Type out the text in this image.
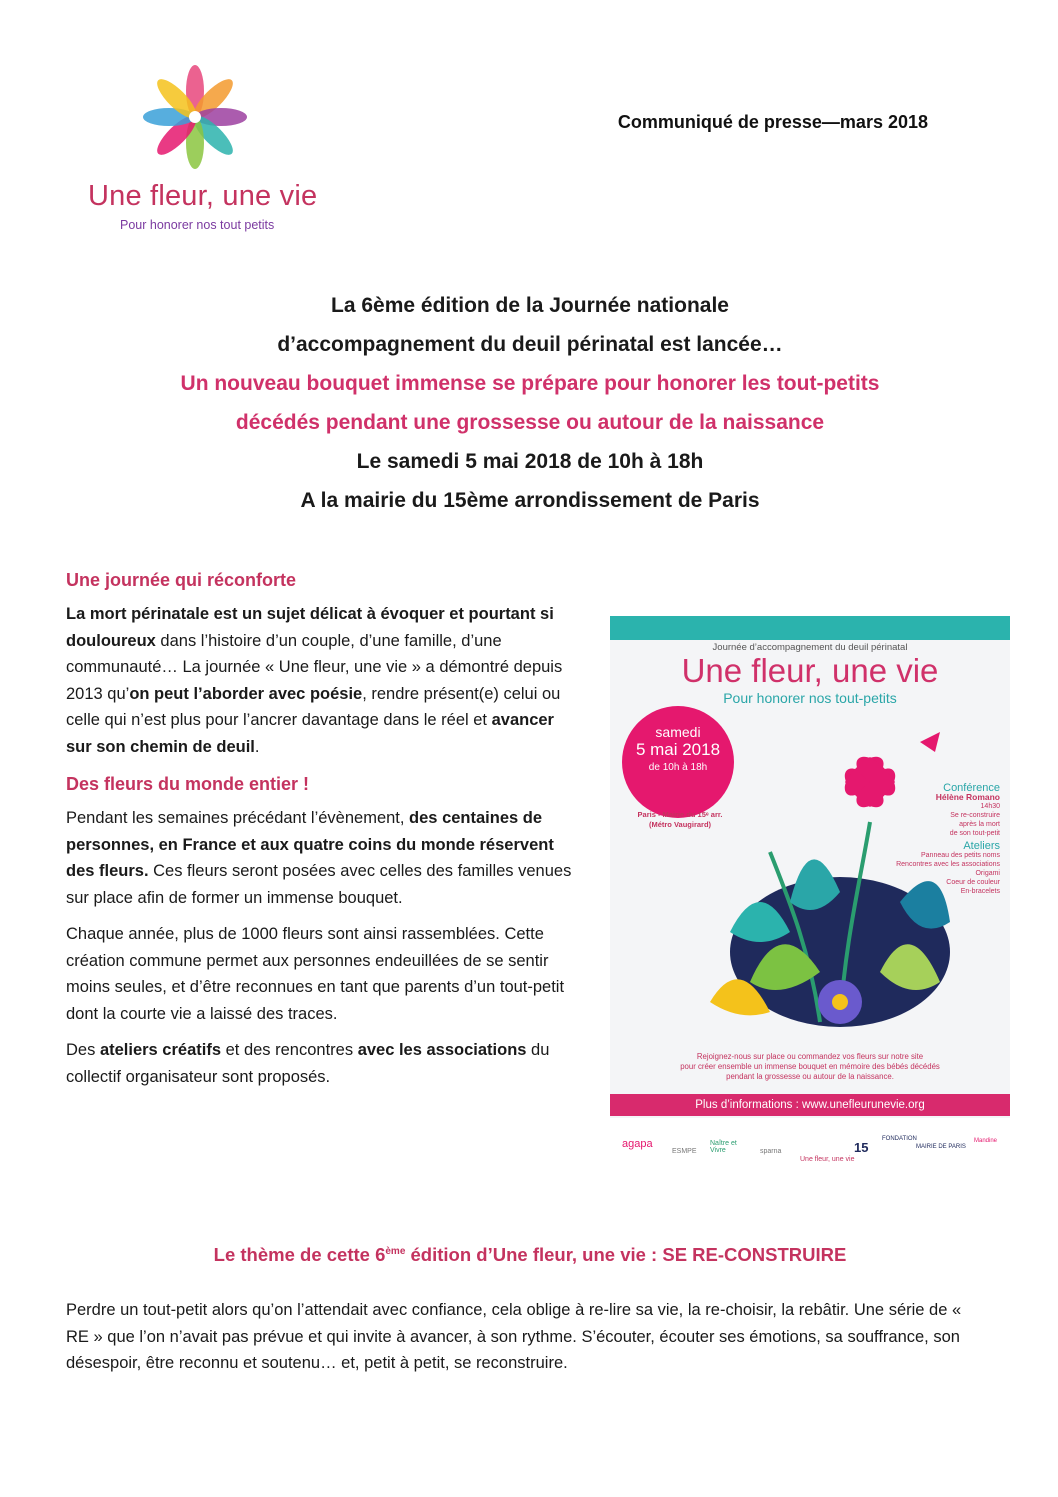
Une fleur, une vie
Pour honorer nos tout petits
Communiqué de presse—mars 2018
La 6ème édition de la Journée nationale
d’accompagnement du deuil périnatal est lancée…
Un nouveau bouquet immense se prépare pour honorer les tout-petits
décédés pendant une grossesse ou autour de la naissance
Le samedi 5 mai 2018 de 10h à 18h
A la mairie du 15ème arrondissement de Paris
Une journée qui réconforte

La mort périnatale est un sujet délicat à évoquer et pourtant si douloureux dans l’histoire d’un couple, d’une famille, d’une communauté… La journée « Une fleur, une vie » a démontré depuis 2013 qu’on peut l’aborder avec poésie, rendre présent(e) celui ou celle qui n’est plus pour l’ancrer davantage dans le réel et avancer sur son chemin de deuil.

Des fleurs du monde entier !

Pendant les semaines précédant l’évènement, des centaines de personnes, en France et aux quatre coins du monde réservent des fleurs. Ces fleurs seront posées avec celles des familles venues sur place afin de former un immense bouquet.

Chaque année, plus de 1000 fleurs sont ainsi rassemblées. Cette création commune permet aux personnes endeuillées de se sentir moins seules, et d’être reconnues en tant que parents d’un tout-petit dont la courte vie a laissé des traces.

Des ateliers créatifs et des rencontres avec les associations du collectif organisateur sont proposés.

Journée d’accompagnement du deuil périnatal
Une fleur, une vie
Pour honorer nos tout-petits
samedi
5 mai 2018
de 10h à 18h
Paris - Mairie du 15ᵉ arr.
(Métro Vaugirard)
Conférence
Hélène Romano
14h30
Se re-construire
après la mort
de son tout-petit
Ateliers
Panneau des petits noms
Rencontres avec les associations
Origami
Coeur de couleur
En-bracelets
Rejoignez-nous sur place ou commandez vos fleurs sur notre site
pour créer ensemble un immense bouquet en mémoire des bébés décédés
pendant la grossesse ou autour de la naissance.
Plus d’informations : www.unefleurunevie.org
agapa
ESMPE
Naître et Vivre	sparna
Une fleur, une vie
15
FONDATION
MAIRIE DE PARIS
Mandine
Le thème de cette 6ème édition d’Une fleur, une vie : SE RE-CONSTRUIRE
Perdre un tout-petit alors qu’on l’attendait avec confiance, cela oblige à re-lire sa vie, la re-choisir, la rebâtir. Une série de « RE » que l’on n’avait pas prévue et qui invite à avancer, à son rythme. S’écouter, écouter ses émotions, sa souffrance, son désespoir, être reconnu et soutenu… et, petit à petit, se reconstruire.
